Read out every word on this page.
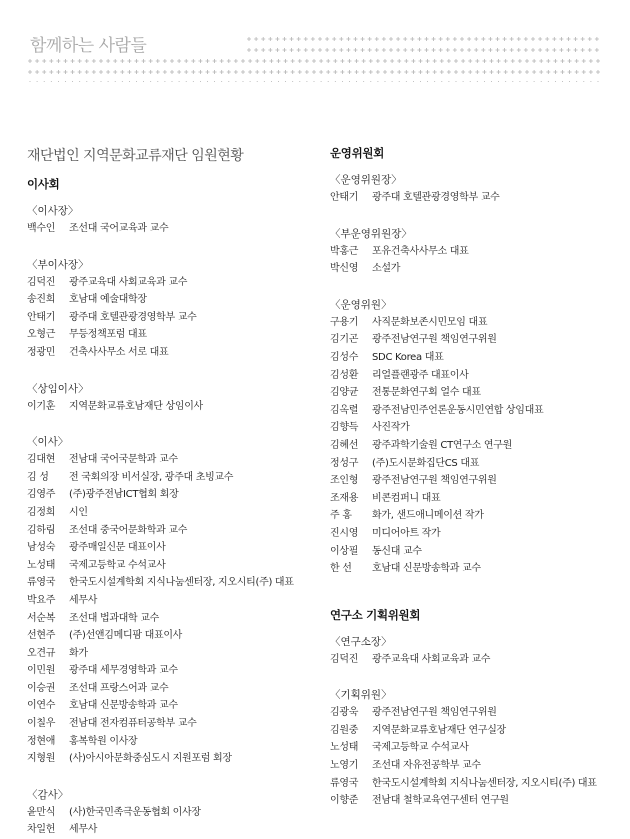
함께하는 사람들
재단법인 지역문화교류재단 임원현황
이사회
〈이사장〉
백수인 조선대 국어교육과 교수
〈부이사장〉
김덕진 광주교육대 사회교육과 교수
송진희 호남대 예술대학장
안태기 광주대 호텔관광경영학부 교수
오형근 무등정책포럼 대표
정광민 건축사사무소 서로 대표
〈상임이사〉
이기훈 지역문화교류호남재단 상임이사
〈이사〉
김대현 전남대 국어국문학과 교수
김 성 전 국회의장 비서실장, 광주대 초빙교수
김영주 (주)광주전남ICT협회 회장
김정희 시인
김하림 조선대 중국어문화학과 교수
남성숙 광주매일신문 대표이사
노성태 국제고등학교 수석교사
류영국 한국도시설계학회 지식나눔센터장, 지오시티(주) 대표
박요주 세무사
서순복 조선대 법과대학 교수
선현주 (주)선앤김메디팜 대표이사
오견규 화가
이민원 광주대 세무경영학과 교수
이승권 조선대 프랑스어과 교수
이연수 호남대 신문방송학과 교수
이칠우 전남대 전자컴퓨터공학부 교수
정현애 홍복학원 이사장
지형원 (사)아시아문화중심도시 지원포럼 회장
〈감사〉
윤만식 (사)한국민족극운동협회 이사장
차일헌 세무사
운영위원회
〈운영위원장〉
안태기 광주대 호텔관광경영학부 교수
〈부운영위원장〉
박홍근 포유건축사사무소 대표
박신영 소설가
〈운영위원〉
구용기 사직문화보존시민모임 대표
김기곤 광주전남연구원 책임연구위원
김성수 SDC Korea 대표
김성환 리얼플랜광주 대표이사
김양균 전통문화연구회 얼수 대표
김옥렬 광주전남민주언론운동시민연합 상임대표
김향득 사진작가
김혜선 광주과학기술원 CT연구소 연구원
정성구 (주)도시문화집단CS 대표
조인형 광주전남연구원 책임연구위원
조재용 비콘컴퍼니 대표
주 홍 화가, 샌드애니메이션 작가
진시영 미디어아트 작가
이상필 동신대 교수
한 선 호남대 신문방송학과 교수
연구소 기획위원회
〈연구소장〉
김덕진 광주교육대 사회교육과 교수
〈기획위원〉
김광욱 광주전남연구원 책임연구위원
김원중 지역문화교류호남재단 연구실장
노성태 국제고등학교 수석교사
노영기 조선대 자유전공학부 교수
류영국 한국도시설계학회 지식나눔센터장, 지오시티(주) 대표
이향준 전남대 철학교육연구센터 연구원
